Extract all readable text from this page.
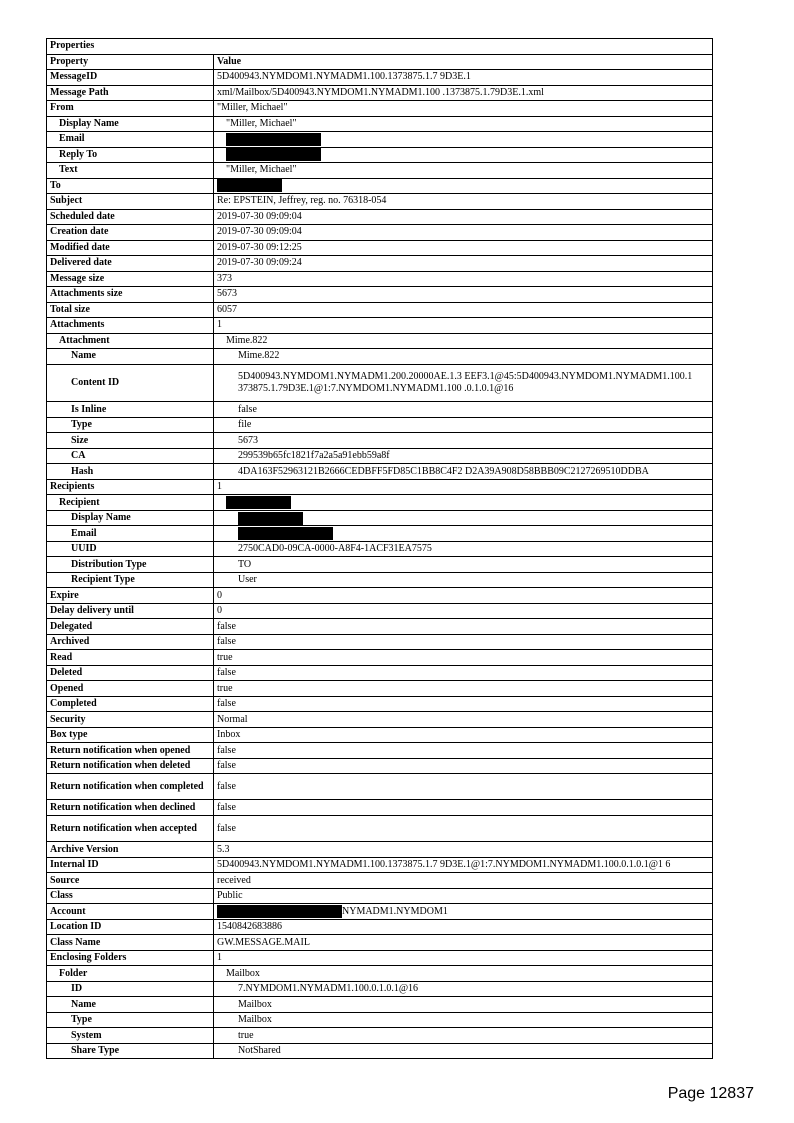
Properties	
Property	Value
MessageID	5D400943.NYMDOM1.NYMADM1.100.1373875.1.7 9D3E.1
Message Path	xml/Mailbox/5D400943.NYMDOM1.NYMADM1.100 .1373875.1.79D3E.1.xml
From	"Miller, Michael"
Display Name	"Miller, Michael"
Email	
Reply To	
Text	"Miller, Michael"
To	
Subject	Re: EPSTEIN, Jeffrey, reg. no. 76318-054
Scheduled date	2019-07-30 09:09:04
Creation date	2019-07-30 09:09:04
Modified date	2019-07-30 09:12:25
Delivered date	2019-07-30 09:09:24
Message size	373
Attachments size	5673
Total size	6057
Attachments	1
Attachment	Mime.822
Name	Mime.822
Content ID	5D400943.NYMDOM1.NYMADM1.200.20000AE.1.3 EEF3.1@45:5D400943.NYMDOM1.NYMADM1.100.1 373875.1.79D3E.1@1:7.NYMDOM1.NYMADM1.100 .0.1.0.1@16
Is Inline	false
Type	file
Size	5673
CA	299539b65fc1821f7a2a5a91ebb59a8f
Hash	4DA163F52963121B2666CEDBFF5FD85C1BB8C4F2 D2A39A908D58BBB09C2127269510DDBA
Recipients	1
Recipient	
Display Name	
Email	
UUID	2750CAD0-09CA-0000-A8F4-1ACF31EA7575
Distribution Type	TO
Recipient Type	User
Expire	0
Delay delivery until	0
Delegated	false
Archived	false
Read	true
Deleted	false
Opened	true
Completed	false
Security	Normal
Box type	Inbox
Return notification when opened	false
Return notification when deleted	false
Return notification when completed	false
Return notification when declined	false
Return notification when accepted	false
Archive Version	5.3
Internal ID	5D400943.NYMDOM1.NYMADM1.100.1373875.1.7 9D3E.1@1:7.NYMDOM1.NYMADM1.100.0.1.0.1@1 6
Source	received
Class	Public
Account	NYMADM1.NYMDOM1
Location ID	1540842683886
Class Name	GW.MESSAGE.MAIL
Enclosing Folders	1
Folder	Mailbox
ID	7.NYMDOM1.NYMADM1.100.0.1.0.1@16
Name	Mailbox
Type	Mailbox
System	true
Share Type	NotShared
Page 12837
